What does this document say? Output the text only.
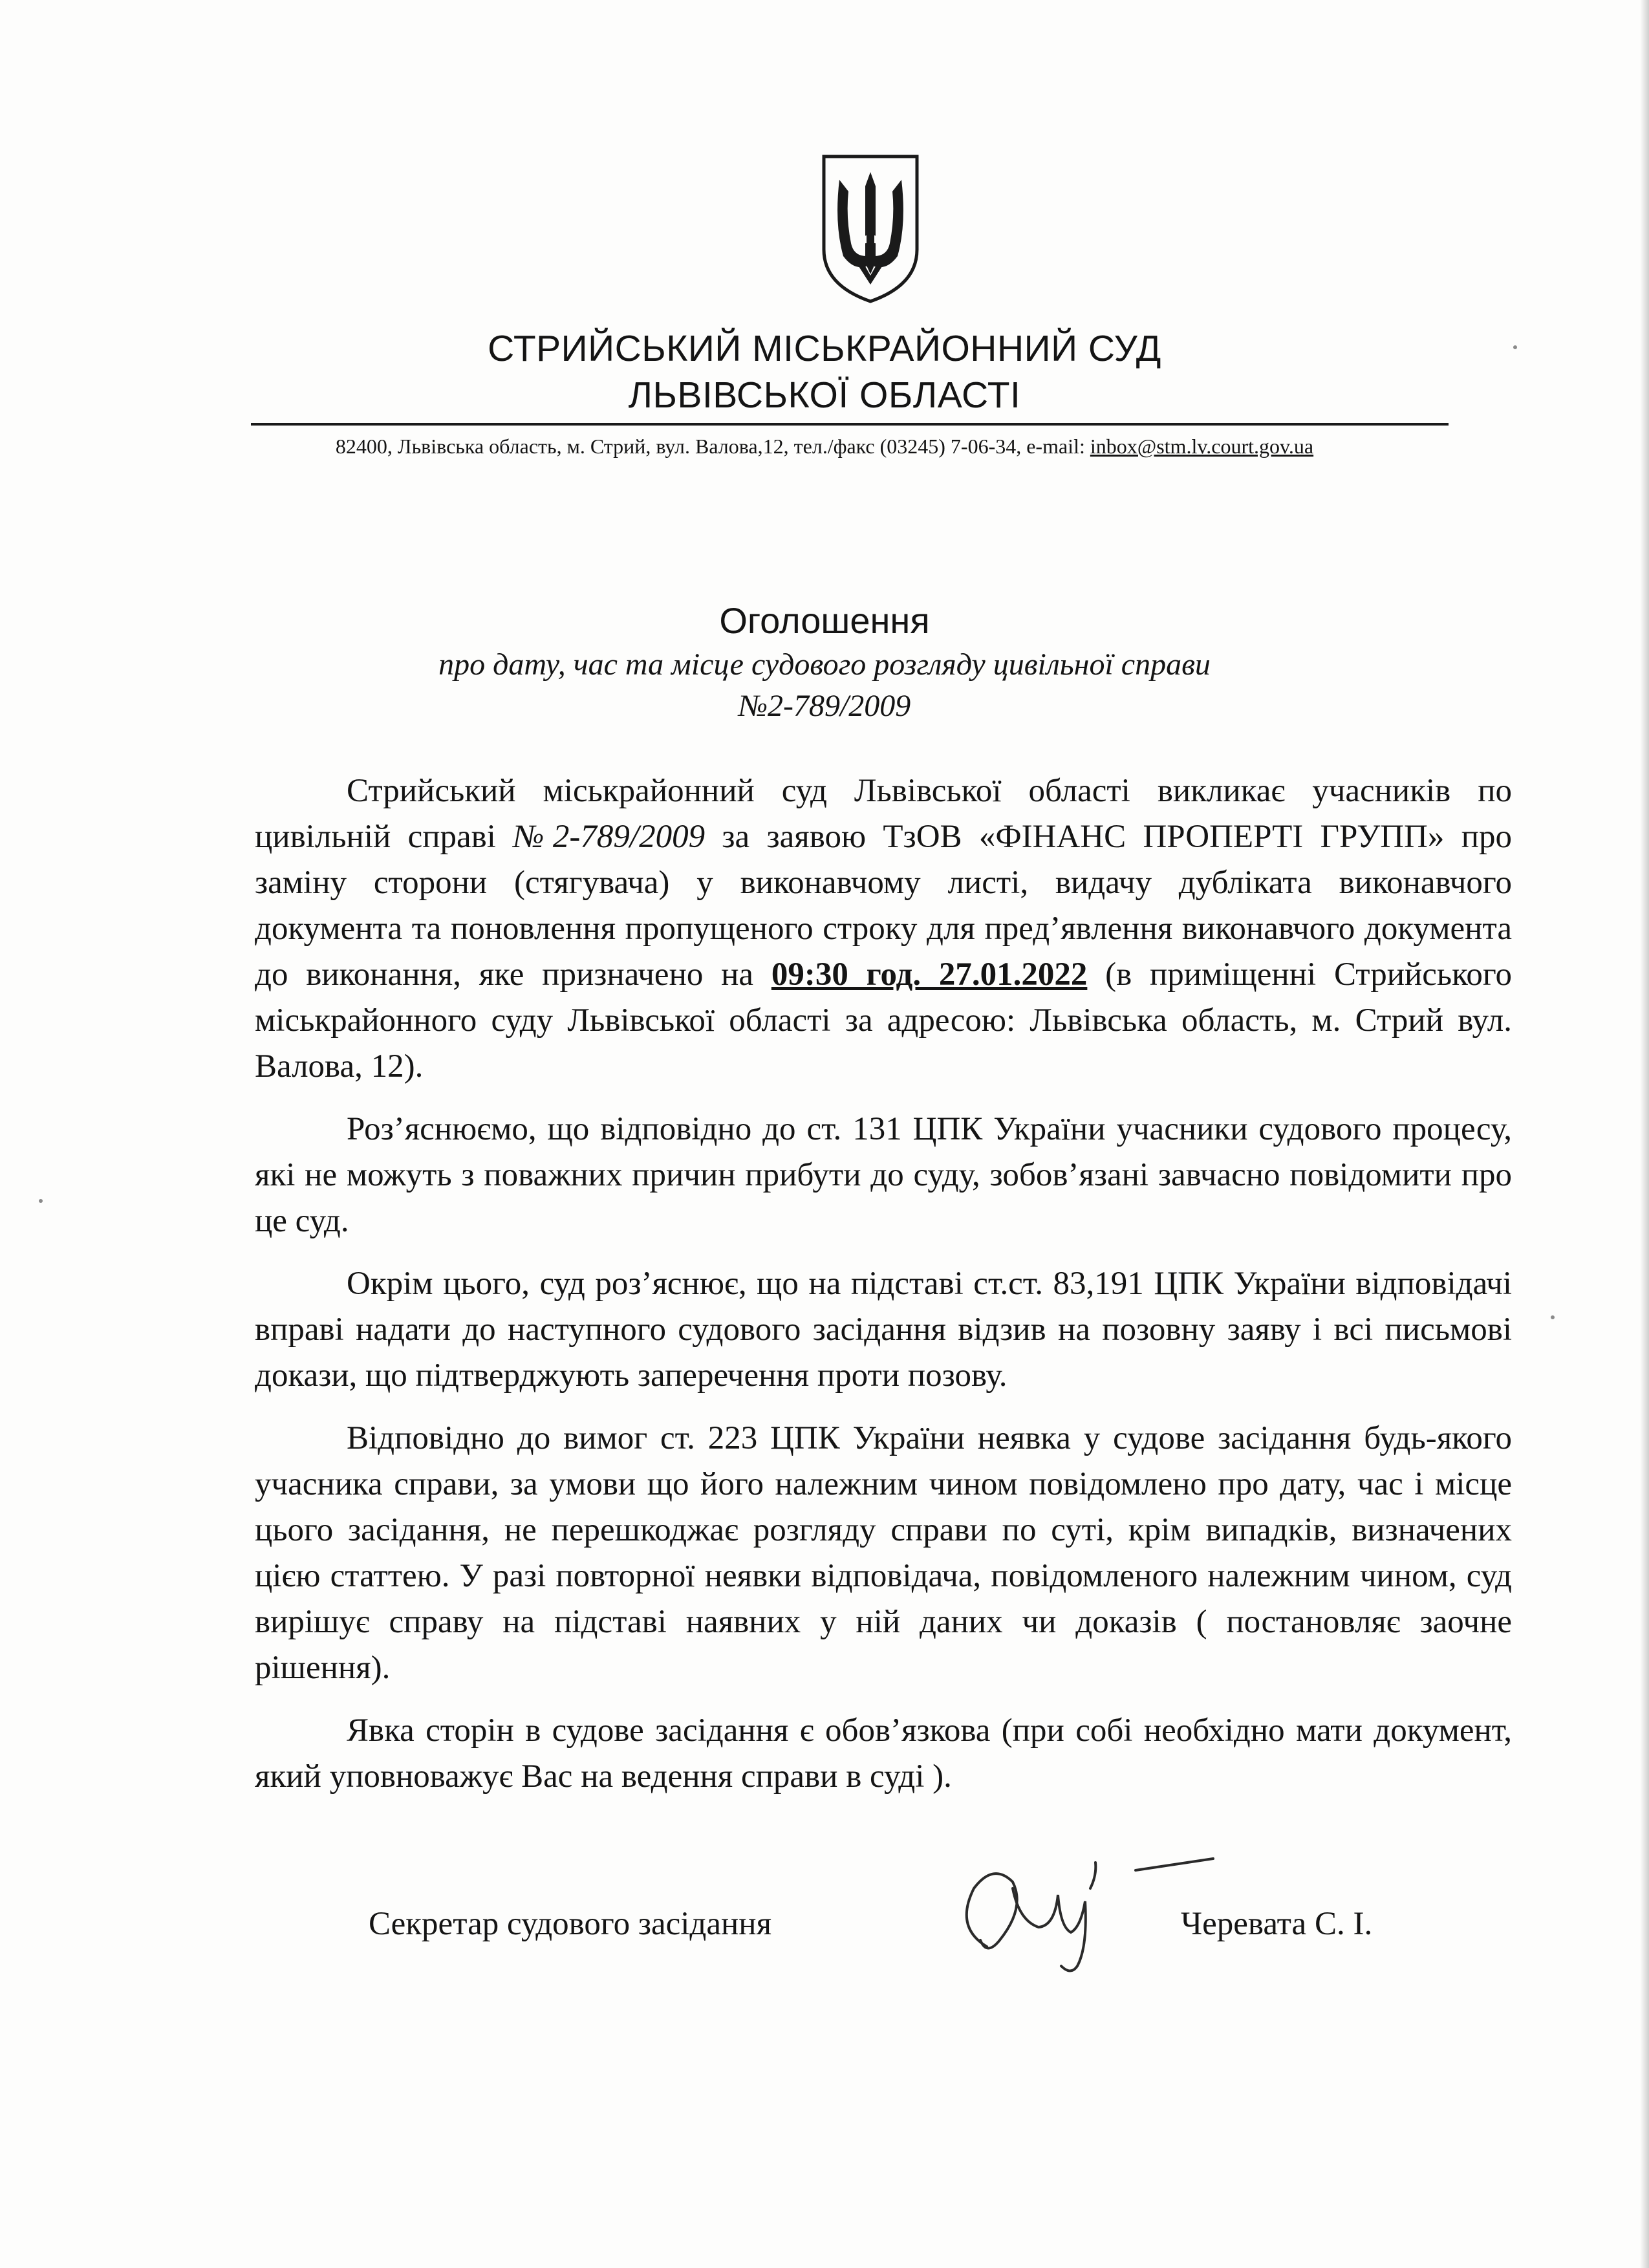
СТРИЙСЬКИЙ МІСЬКРАЙОННИЙ СУД
ЛЬВІВСЬКОЇ ОБЛАСТІ
82400, Львівська область, м. Стрий, вул. Валова,12, тел./факс (03245) 7-06-34, e-mail: inbox@stm.lv.court.gov.ua
Оголошення
про дату, час та місце судового розгляду цивільної справи
№2-789/2009

Стрийський міськрайонний суд Львівської області викликає учасників по цивільній справі №2-789/2009 за заявою ТзОВ «ФІНАНС ПРОПЕРТІ ГРУПП» про заміну сторони (стягувача) у виконавчому листі, видачу дубліката виконавчого документа та поновлення пропущеного строку для пред’явлення виконавчого документа до виконання, яке призначено на 09:30 год. 27.01.2022 (в приміщенні Стрийського міськрайонного суду Львівської області за адресою: Львівська область, м. Стрий вул. Валова, 12).

Роз’яснюємо, що відповідно до ст. 131 ЦПК України учасники судового процесу, які не можуть з поважних причин прибути до суду, зобов’язані завчасно повідомити про це суд.

Окрім цього, суд роз’яснює, що на підставі ст.ст. 83,191 ЦПК України відповідачі вправі надати до наступного судового засідання відзив на позовну заяву і всі письмові докази, що підтверджують заперечення проти позову.

Відповідно до вимог ст. 223 ЦПК України неявка у судове засідання будь-якого учасника справи, за умови що його належним чином повідомлено про дату, час і місце цього засідання, не перешкоджає розгляду справи по суті, крім випадків, визначених цією статтею. У разі повторної неявки відповідача, повідомленого належним чином, суд вирішує справу на підставі наявних у ній даних чи доказів ( постановляє заочне рішення).

Явка сторін в судове засідання є обов’язкова (при собі необхідно мати документ, який уповноважує Вас на ведення справи в суді ).

Секретар судового засідання	Черевата С. І.
